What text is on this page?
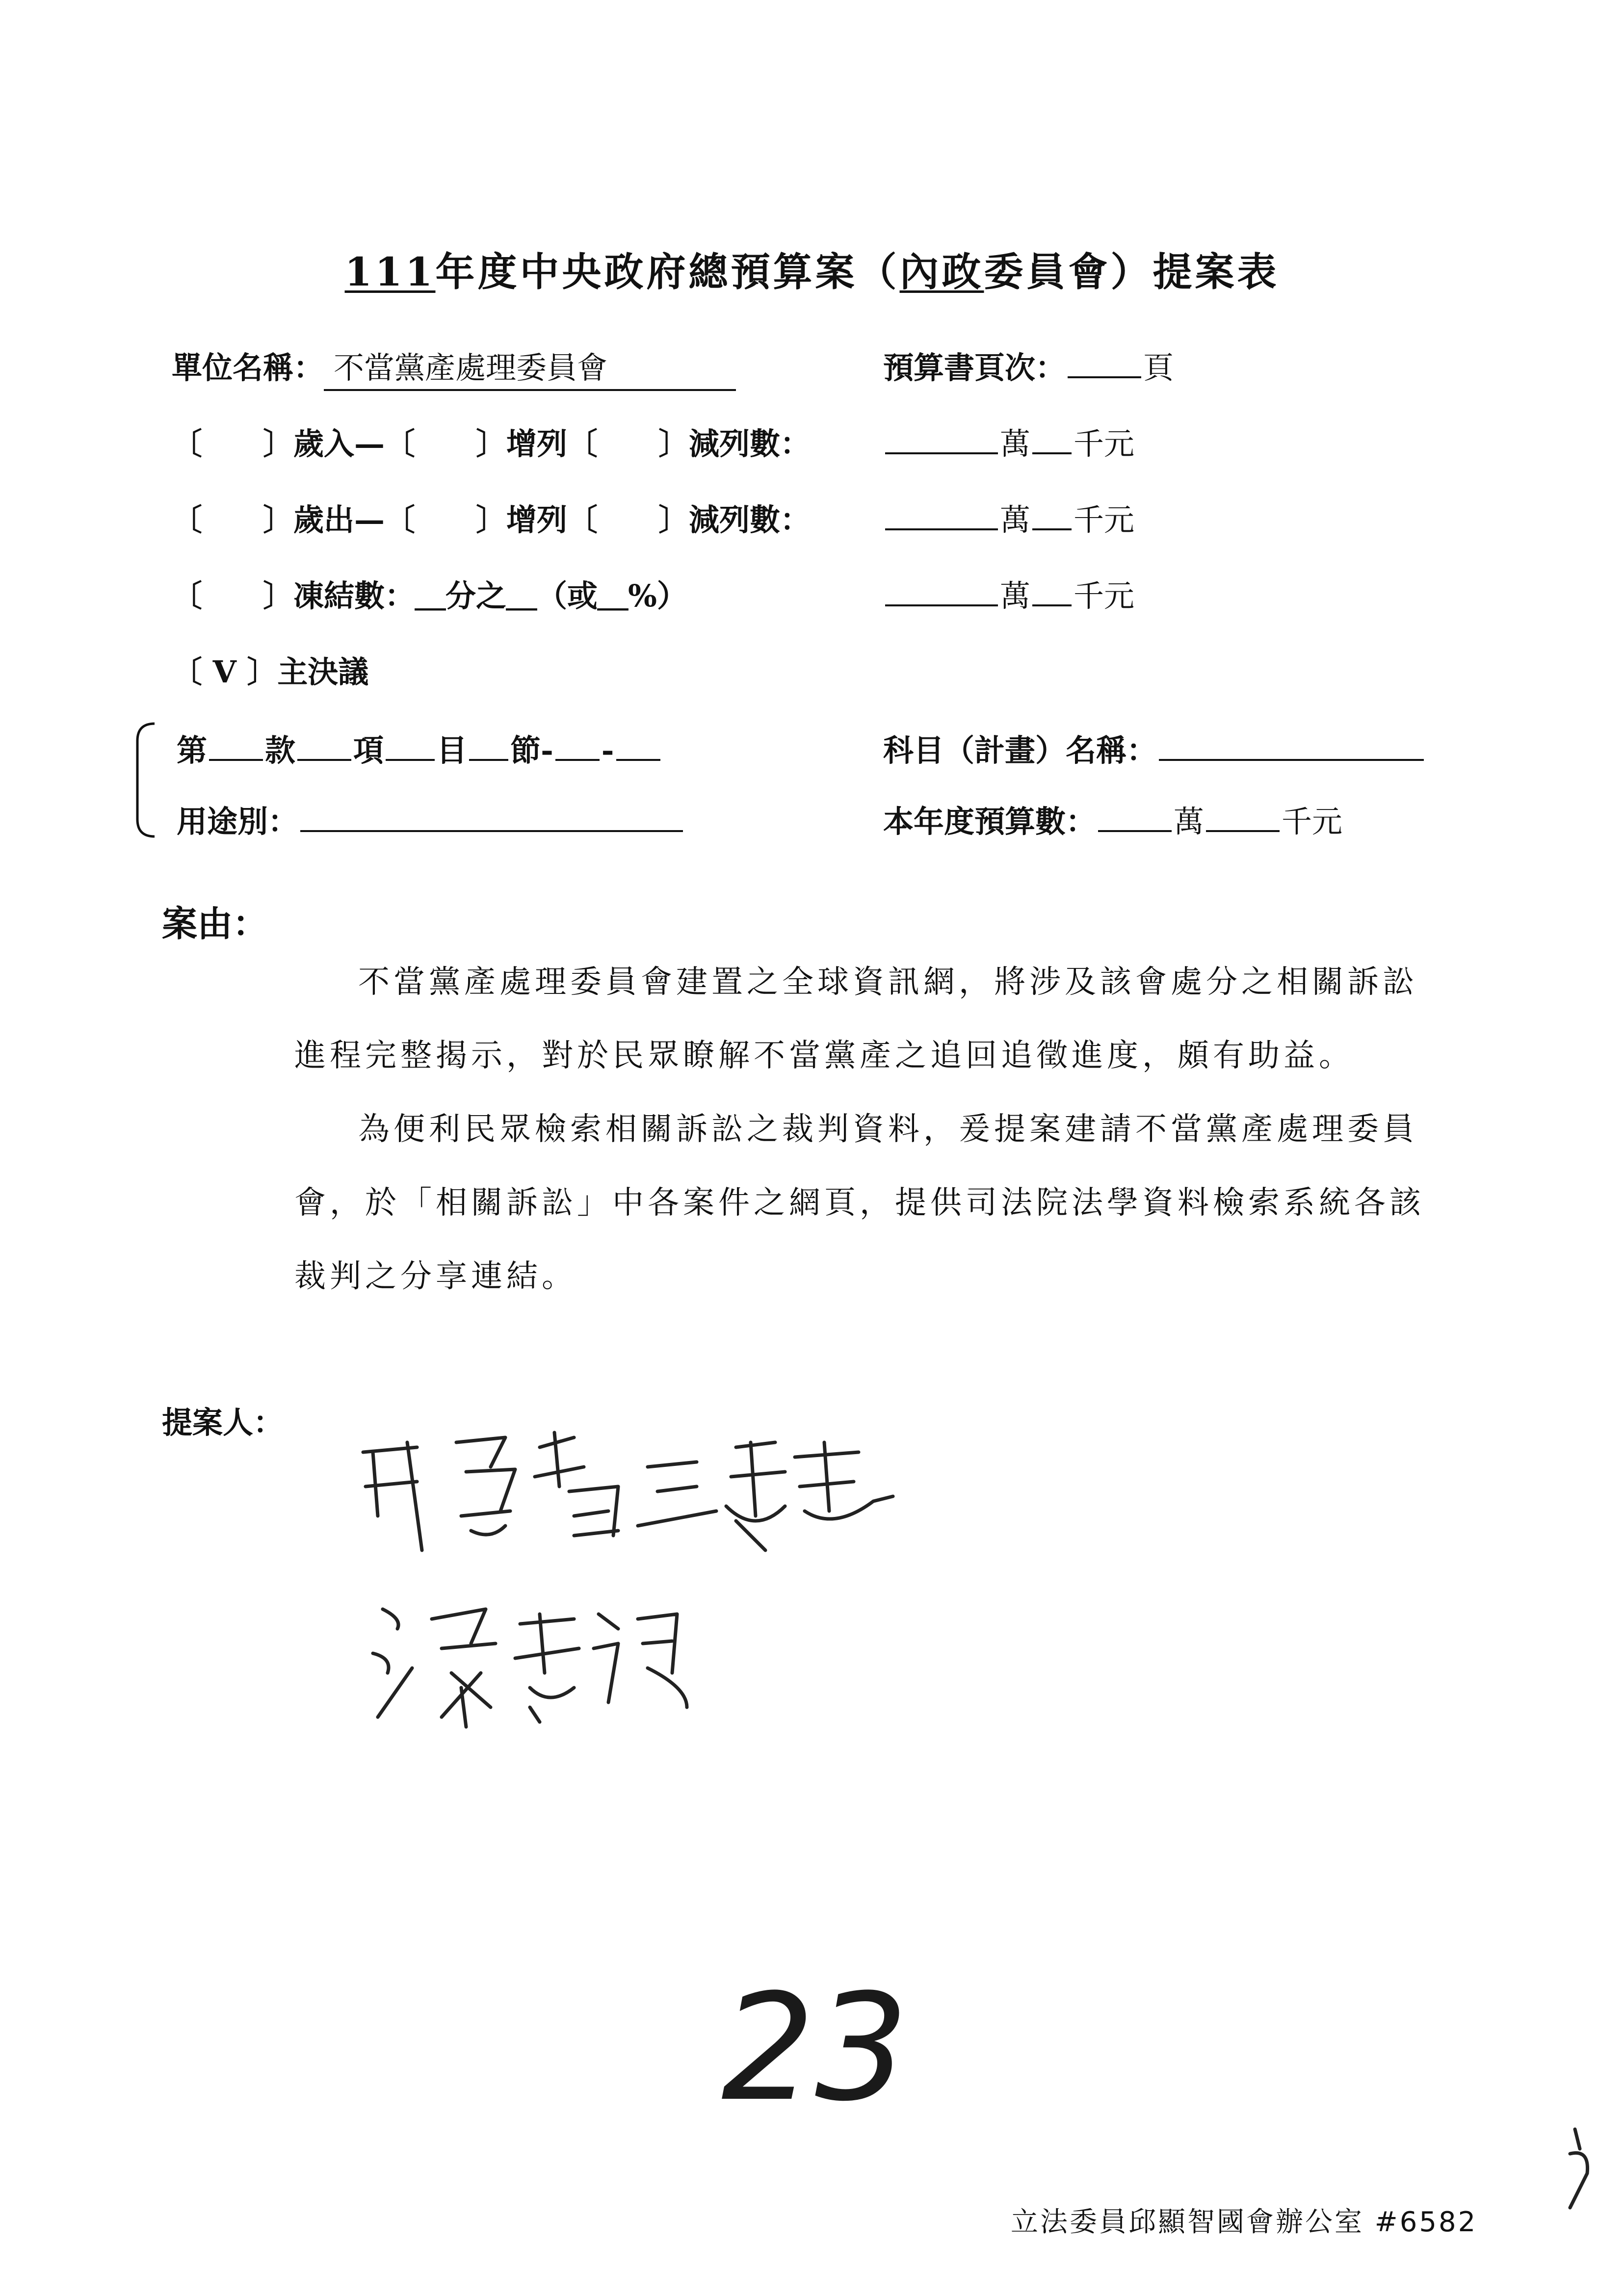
111年度中央政府總預算案（內政委員會）提案表
單位名稱： 不當黨產處理委員會	預算書頁次：	頁
〔　　〕歲入—〔　　〕增列〔　　〕減列數：	萬 千元
〔　　〕歲出—〔　　〕增列〔　　〕減列數：	萬 千元
〔　　〕凍結數：＿分之＿（或＿%）	萬 千元
〔 V 〕主決議
第 款 項 目 節- -	科目（計畫）名稱：
用途別：	本年度預算數：	萬	千元
案由：
不當黨產處理委員會建置之全球資訊網，將涉及該會處分之相關訴訟
進程完整揭示，對於民眾瞭解不當黨產之追回追徵進度，頗有助益。
為便利民眾檢索相關訴訟之裁判資料，爰提案建請不當黨產處理委員
會，於「相關訴訟」中各案件之網頁，提供司法院法學資料檢索系統各該
裁判之分享連結。
提案人：
23
立法委員邱顯智國會辦公室 #6582
